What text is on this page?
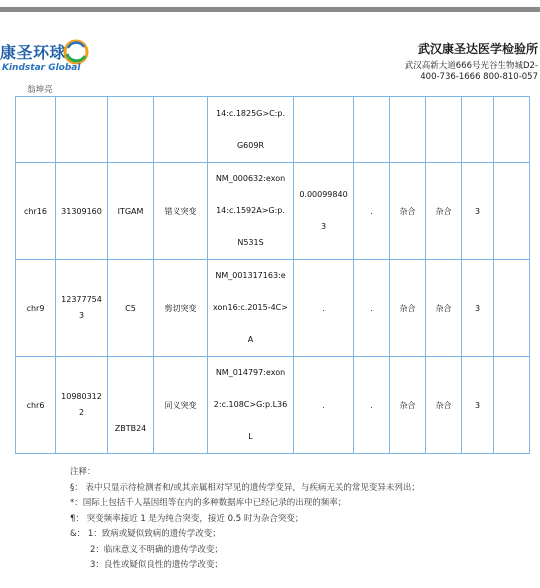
康圣环球
Kindstar Global
翁坤亮
武汉康圣达医学检验所
武汉高新大道666号光谷生物城D2-
400-736-1666 800-810-057

				14:c.1825G>C:p.
G609R						

chr16	31309160	ITGAM	错义突变	NM_000632:exon
14:c.1592A>G:p.
N531S	0.00099840
3	.	杂合	杂合	3	
chr9	12377754
3	C5	剪切突变	NM_001317163:e
xon16:c.2015-4C>
A	.	.	杂合	杂合	3	
chr6	10980312
2	ZBTB24	同义突变	NM_014797:exon
2:c.108C>G:p.L36
L	.	.	杂合	杂合	3	
注释：
§： 表中只显示待检测者和/或其亲属相对罕见的遗传学变异，与疾病无关的常见变异未列出；
*：国际上包括千人基因组等在内的多种数据库中已经记录的出现的频率；
¶： 突变频率接近 1 是为纯合突变，接近 0.5 时为杂合突变；
&： 1：致病或疑似致病的遗传学改变；
2：临床意义不明确的遗传学改变；
3：良性或疑似良性的遗传学改变；
